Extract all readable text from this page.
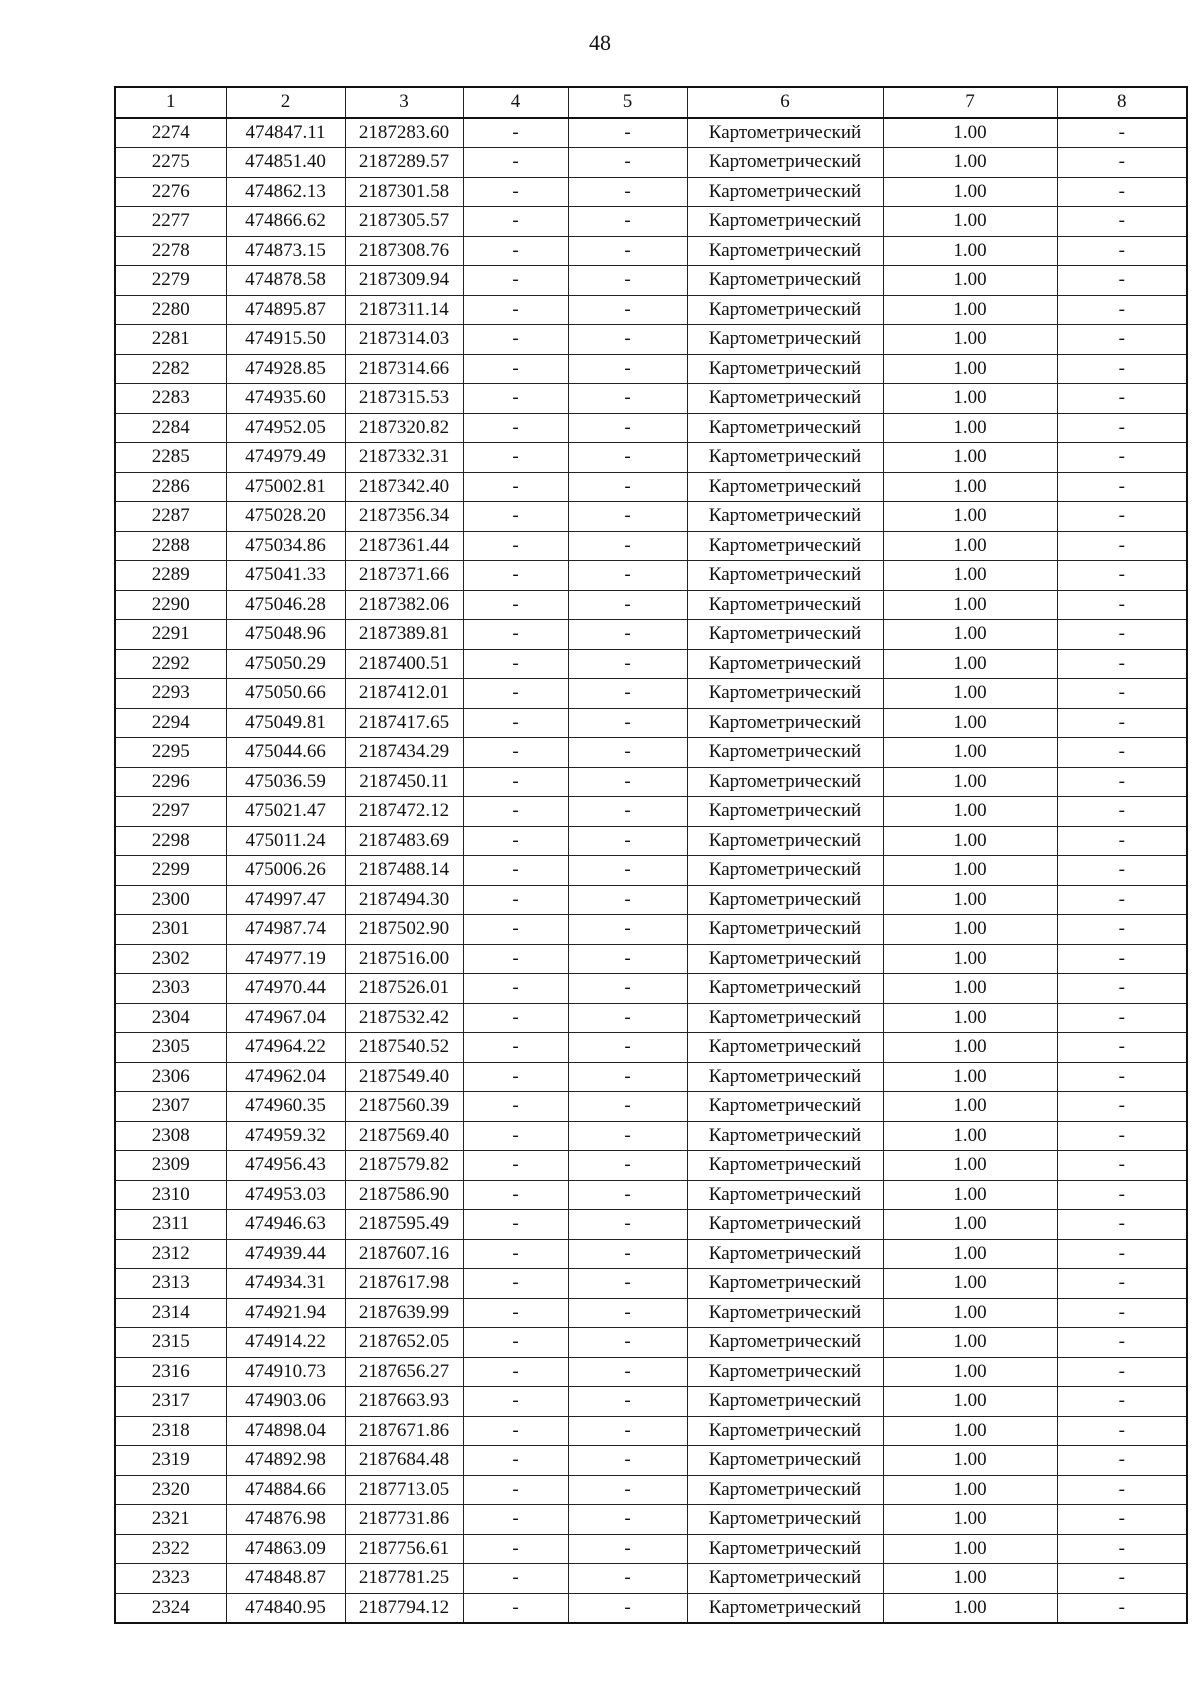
48
1	2	3	4	5	6	7	8
2274	474847.11	2187283.60	-	-	Картометрический	1.00	-
2275	474851.40	2187289.57	-	-	Картометрический	1.00	-
2276	474862.13	2187301.58	-	-	Картометрический	1.00	-
2277	474866.62	2187305.57	-	-	Картометрический	1.00	-
2278	474873.15	2187308.76	-	-	Картометрический	1.00	-
2279	474878.58	2187309.94	-	-	Картометрический	1.00	-
2280	474895.87	2187311.14	-	-	Картометрический	1.00	-
2281	474915.50	2187314.03	-	-	Картометрический	1.00	-
2282	474928.85	2187314.66	-	-	Картометрический	1.00	-
2283	474935.60	2187315.53	-	-	Картометрический	1.00	-
2284	474952.05	2187320.82	-	-	Картометрический	1.00	-
2285	474979.49	2187332.31	-	-	Картометрический	1.00	-
2286	475002.81	2187342.40	-	-	Картометрический	1.00	-
2287	475028.20	2187356.34	-	-	Картометрический	1.00	-
2288	475034.86	2187361.44	-	-	Картометрический	1.00	-
2289	475041.33	2187371.66	-	-	Картометрический	1.00	-
2290	475046.28	2187382.06	-	-	Картометрический	1.00	-
2291	475048.96	2187389.81	-	-	Картометрический	1.00	-
2292	475050.29	2187400.51	-	-	Картометрический	1.00	-
2293	475050.66	2187412.01	-	-	Картометрический	1.00	-
2294	475049.81	2187417.65	-	-	Картометрический	1.00	-
2295	475044.66	2187434.29	-	-	Картометрический	1.00	-
2296	475036.59	2187450.11	-	-	Картометрический	1.00	-
2297	475021.47	2187472.12	-	-	Картометрический	1.00	-
2298	475011.24	2187483.69	-	-	Картометрический	1.00	-
2299	475006.26	2187488.14	-	-	Картометрический	1.00	-
2300	474997.47	2187494.30	-	-	Картометрический	1.00	-
2301	474987.74	2187502.90	-	-	Картометрический	1.00	-
2302	474977.19	2187516.00	-	-	Картометрический	1.00	-
2303	474970.44	2187526.01	-	-	Картометрический	1.00	-
2304	474967.04	2187532.42	-	-	Картометрический	1.00	-
2305	474964.22	2187540.52	-	-	Картометрический	1.00	-
2306	474962.04	2187549.40	-	-	Картометрический	1.00	-
2307	474960.35	2187560.39	-	-	Картометрический	1.00	-
2308	474959.32	2187569.40	-	-	Картометрический	1.00	-
2309	474956.43	2187579.82	-	-	Картометрический	1.00	-
2310	474953.03	2187586.90	-	-	Картометрический	1.00	-
2311	474946.63	2187595.49	-	-	Картометрический	1.00	-
2312	474939.44	2187607.16	-	-	Картометрический	1.00	-
2313	474934.31	2187617.98	-	-	Картометрический	1.00	-
2314	474921.94	2187639.99	-	-	Картометрический	1.00	-
2315	474914.22	2187652.05	-	-	Картометрический	1.00	-
2316	474910.73	2187656.27	-	-	Картометрический	1.00	-
2317	474903.06	2187663.93	-	-	Картометрический	1.00	-
2318	474898.04	2187671.86	-	-	Картометрический	1.00	-
2319	474892.98	2187684.48	-	-	Картометрический	1.00	-
2320	474884.66	2187713.05	-	-	Картометрический	1.00	-
2321	474876.98	2187731.86	-	-	Картометрический	1.00	-
2322	474863.09	2187756.61	-	-	Картометрический	1.00	-
2323	474848.87	2187781.25	-	-	Картометрический	1.00	-
2324	474840.95	2187794.12	-	-	Картометрический	1.00	-
